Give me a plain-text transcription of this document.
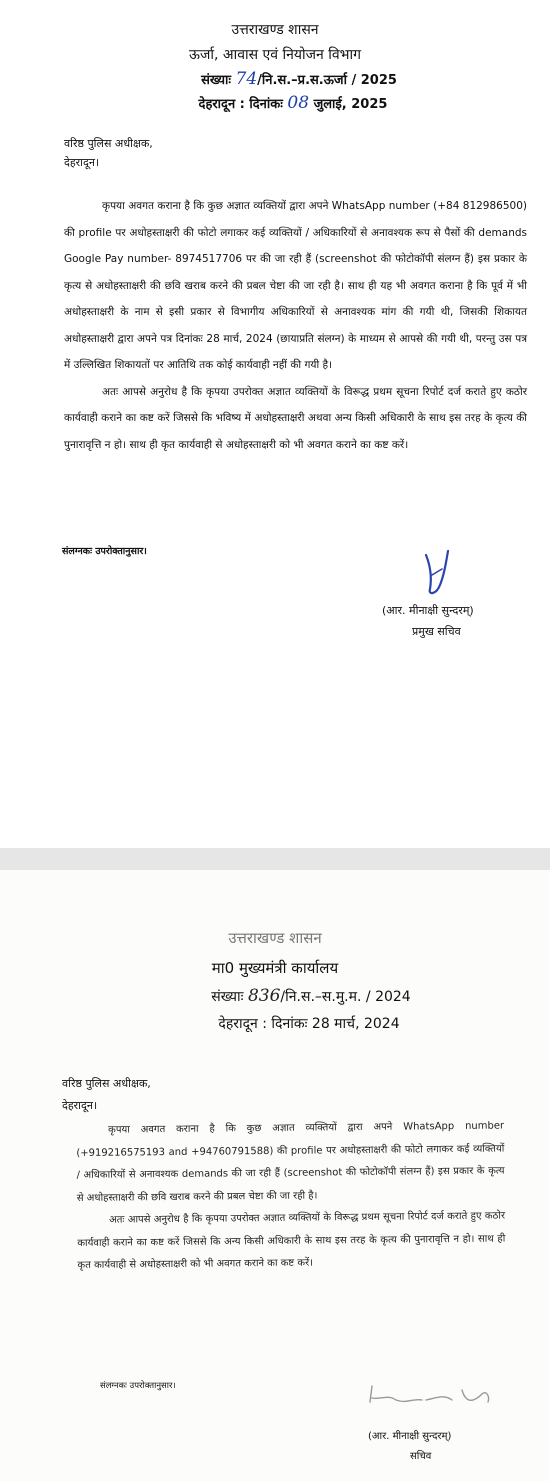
उत्तराखण्ड शासन
ऊर्जा, आवास एवं नियोजन विभाग
संख्याः 74/नि.स.–प्र.स.ऊर्जा / 2025
देहरादून : दिनांकः 08 जुलाई, 2025
वरिष्ठ पुलिस अधीक्षक,
देहरादून।

कृपया अवगत कराना है कि कुछ अज्ञात व्यक्तियों द्वारा अपने WhatsApp number (+84 812986500) की profile पर अधोहस्ताक्षरी की फोटो लगाकर कई व्यक्तियों / अधिकारियों से अनावश्यक रूप से पैसों की demands Google Pay number- 8974517706 पर की जा रही हैं (screenshot की फोटोकॉपी संलग्न हैं) इस प्रकार के कृत्य से अधोहस्ताक्षरी की छवि खराब करने की प्रबल चेष्टा की जा रही है। साथ ही यह भी अवगत कराना है कि पूर्व में भी अधोहस्ताक्षरी के नाम से इसी प्रकार से विभागीय अधिकारियों से अनावश्यक मांग की गयी थी, जिसकी शिकायत अधोहस्ताक्षरी द्वारा अपने पत्र दिनांकः 28 मार्च, 2024 (छायाप्रति संलग्न) के माध्यम से आपसे की गयी थी, परन्तु उस पत्र में उल्लिखित शिकायतों पर आतिथि तक कोई कार्यवाही नहीं की गयी है।

अतः आपसे अनुरोध है कि कृपया उपरोक्त अज्ञात व्यक्तियों के विरूद्ध प्रथम सूचना रिपोर्ट दर्ज कराते हुए कठोर कार्यवाही कराने का कष्ट करें जिससे कि भविष्य में अधोहस्ताक्षरी अथवा अन्य किसी अधिकारी के साथ इस तरह के कृत्य की पुनारावृत्ति न हो। साथ ही कृत कार्यवाही से अधोहस्ताक्षरी को भी अवगत कराने का कष्ट करें।

संलग्नकः उपरोक्तानुसार।
(आर. मीनाक्षी सुन्दरम्)
प्रमुख सचिव
उत्तराखण्ड शासन
मा0 मुख्यमंत्री कार्यालय
संख्याः 836/नि.स.–स.मु.म. / 2024
देहरादून : दिनांकः 28 मार्च, 2024
वरिष्ठ पुलिस अधीक्षक,
देहरादून।

कृपया अवगत कराना है कि कुछ अज्ञात व्यक्तियों द्वारा अपने WhatsApp number (+919216575193 and +94760791588) की profile पर अधोहस्ताक्षरी की फोटो लगाकर कई व्यक्तियों / अधिकारियों से अनावश्यक demands की जा रही हैं (screenshot की फोटोकॉपी संलग्न हैं) इस प्रकार के कृत्य से अधोहस्ताक्षरी की छवि खराब करने की प्रबल चेष्टा की जा रही है।

अतः आपसे अनुरोध है कि कृपया उपरोक्त अज्ञात व्यक्तियों के विरूद्ध प्रथम सूचना रिपोर्ट दर्ज कराते हुए कठोर कार्यवाही कराने का कष्ट करें जिससे कि अन्य किसी अधिकारी के साथ इस तरह के कृत्य की पुनारावृत्ति न हो। साथ ही कृत कार्यवाही से अधोहस्ताक्षरी को भी अवगत कराने का कष्ट करें।

संलग्नकः उपरोक्तानुसार।
(आर. मीनाक्षी सुन्दरम्)
सचिव
